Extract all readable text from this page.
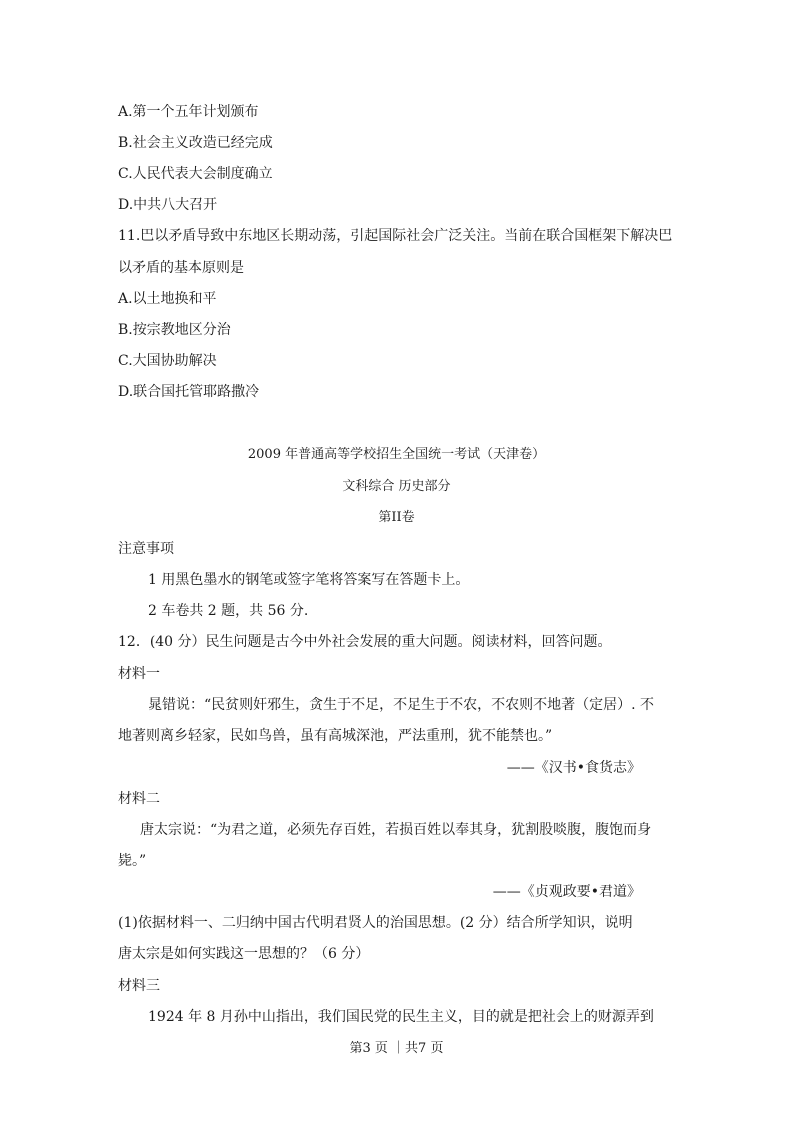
A.第一个五年计划颁布
B.社会主义改造已经完成
C.人民代表大会制度确立
D.中共八大召开
11.巴以矛盾导致中东地区长期动荡，引起国际社会广泛关注。当前在联合国框架下解决巴
以矛盾的基本原则是
A.以土地换和平
B.按宗教地区分治
C.大国协助解决
D.联合国托管耶路撒冷
2009 年普通高等学校招生全国统一考试（天津卷）
文科综合 历史部分
第II卷
注意事项
1 用黑色墨水的钢笔或签字笔将答案写在答题卡上。
2 车卷共 2 题，共 56 分.
12．(40 分）民生问题是古今中外社会发展的重大问题。阅读材料，回答问题。
材料一
晁错说：“民贫则奸邪生，贪生于不足，不足生于不农，不农则不地著（定居）. 不
地著则离乡轻家，民如鸟兽，虽有高城深池，严法重刑，犹不能禁也。”
——《汉书•食货志》
材料二
唐太宗说：“为君之道，必须先存百姓，若损百姓以奉其身，犹割股啖腹，腹饱而身
毙。”
——《贞观政要•君道》
(1)依据材料一、二归纳中国古代明君贤人的治国思想。(2 分）结合所学知识，说明
唐太宗是如何实践这一思想的？（6 分）
材料三
1924 年 8 月孙中山指出，我们国民党的民生主义，目的就是把社会上的财源弄到
第3 页 ｜共7 页
